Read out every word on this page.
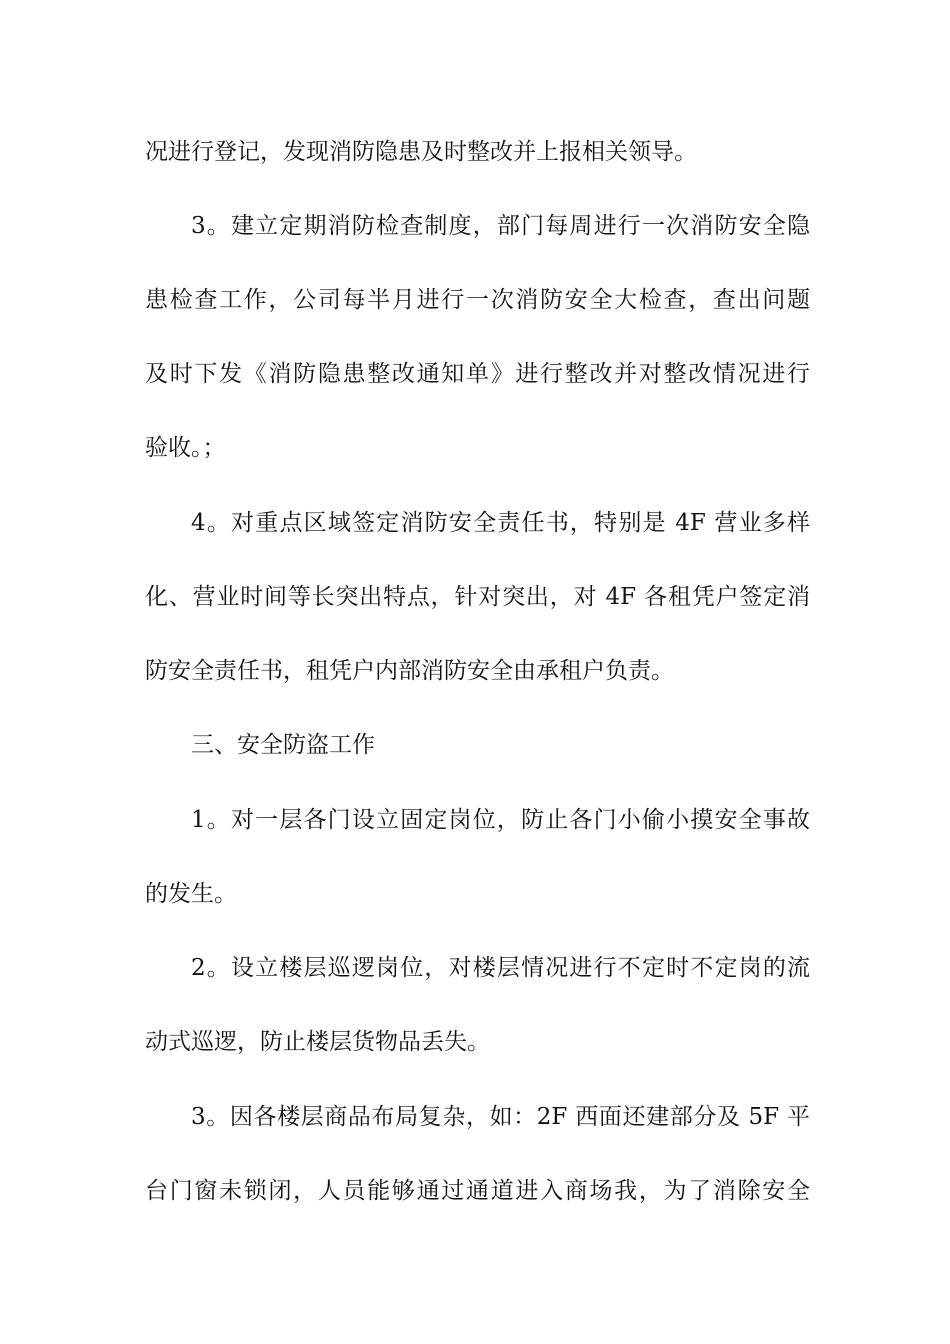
况进行登记，发现消防隐患及时整改并上报相关领导。
3。建立定期消防检查制度，部门每周进行一次消防安全隐
患检查工作，公司每半月进行一次消防安全大检查，查出问题
及时下发《消防隐患整改通知单》进行整改并对整改情况进行
验收。；
4。对重点区域签定消防安全责任书，特别是 4F 营业多样
化、营业时间等长突出特点，针对突出，对 4F 各租凭户签定消
防安全责任书，租凭户内部消防安全由承租户负责。
三、安全防盗工作
1。对一层各门设立固定岗位，防止各门小偷小摸安全事故
的发生。
2。设立楼层巡逻岗位，对楼层情况进行不定时不定岗的流
动式巡逻，防止楼层货物品丢失。
3。因各楼层商品布局复杂，如：2F 西面还建部分及 5F 平
台门窗未锁闭，人员能够通过通道进入商场我，为了消除安全
